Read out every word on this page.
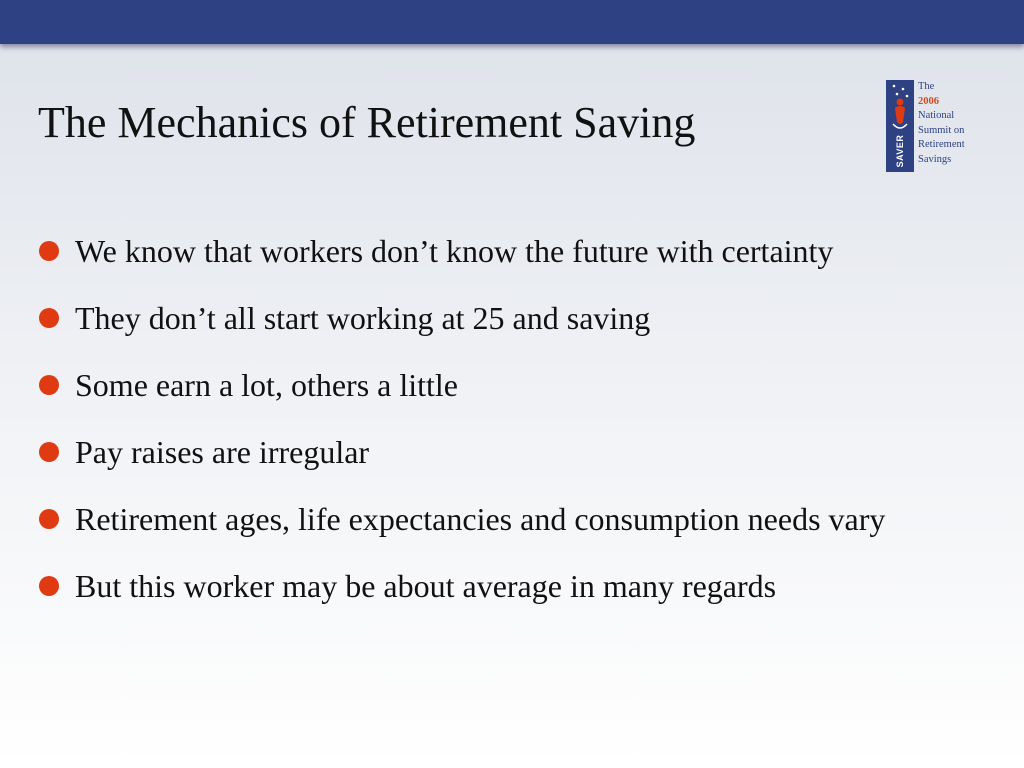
The Mechanics of Retirement Saving
SAVER
The
2006
National
Summit on
Retirement
Savings
We know that workers don’t know the future with certainty
They don’t all start working at 25 and saving
Some earn a lot, others a little
Pay raises are irregular
Retirement ages, life expectancies and consumption needs vary
But this worker may be about average in many regards
